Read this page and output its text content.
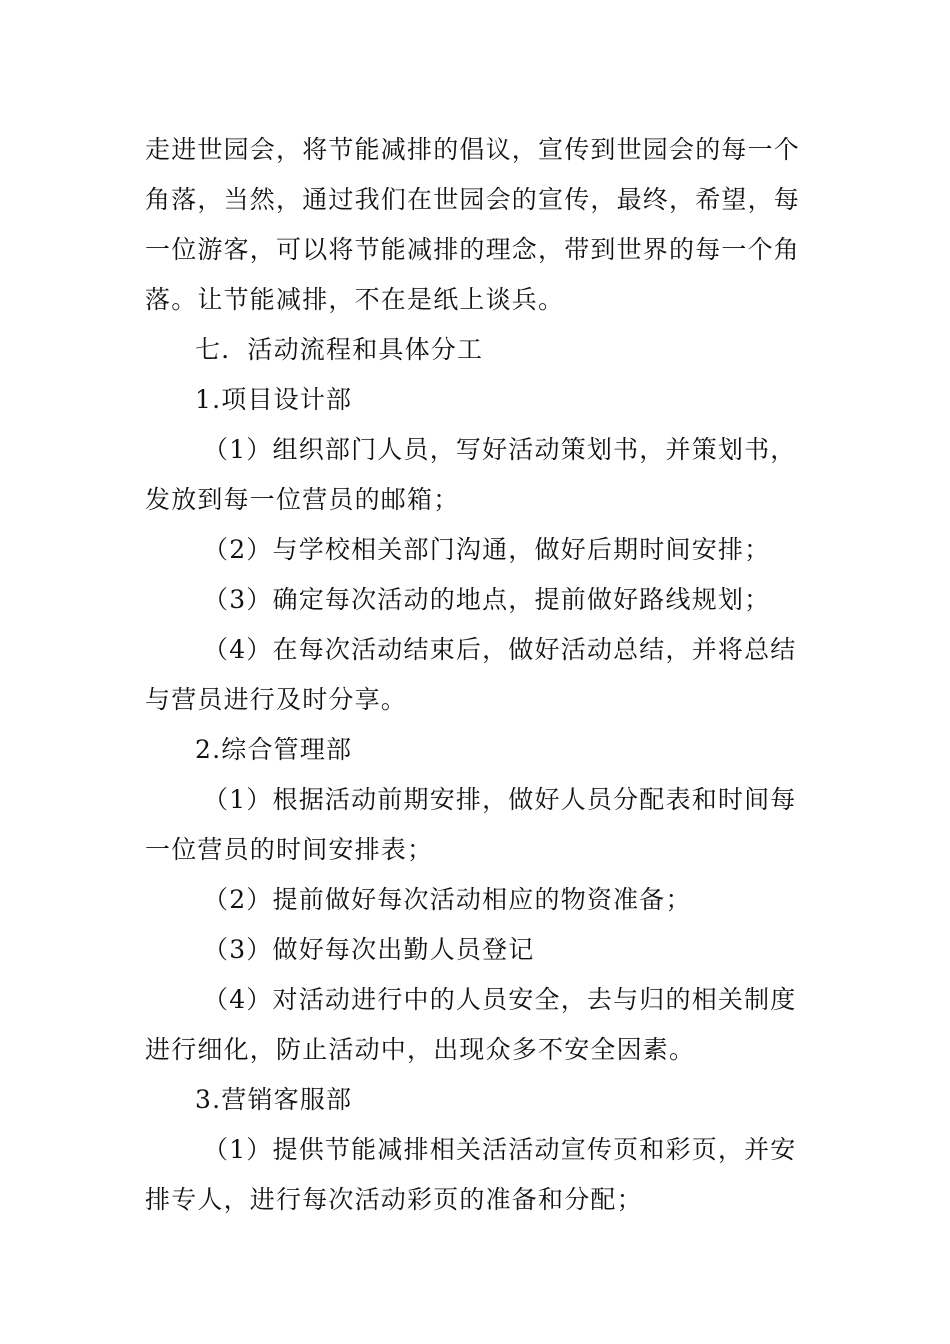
走进世园会，将节能减排的倡议，宣传到世园会的每一个角落，当然，通过我们在世园会的宣传，最终，希望，每一位游客，可以将节能减排的理念，带到世界的每一个角落。让节能减排，不在是纸上谈兵。

七．活动流程和具体分工

1.项目设计部

（1）组织部门人员，写好活动策划书，并策划书，发放到每一位营员的邮箱；

（2）与学校相关部门沟通，做好后期时间安排；

（3）确定每次活动的地点，提前做好路线规划；

（4）在每次活动结束后，做好活动总结，并将总结与营员进行及时分享。

2.综合管理部

（1）根据活动前期安排，做好人员分配表和时间每一位营员的时间安排表；

（2）提前做好每次活动相应的物资准备；

（3）做好每次出勤人员登记

（4）对活动进行中的人员安全，去与归的相关制度进行细化，防止活动中，出现众多不安全因素。

3.营销客服部

（1）提供节能减排相关活活动宣传页和彩页，并安排专人，进行每次活动彩页的准备和分配；
